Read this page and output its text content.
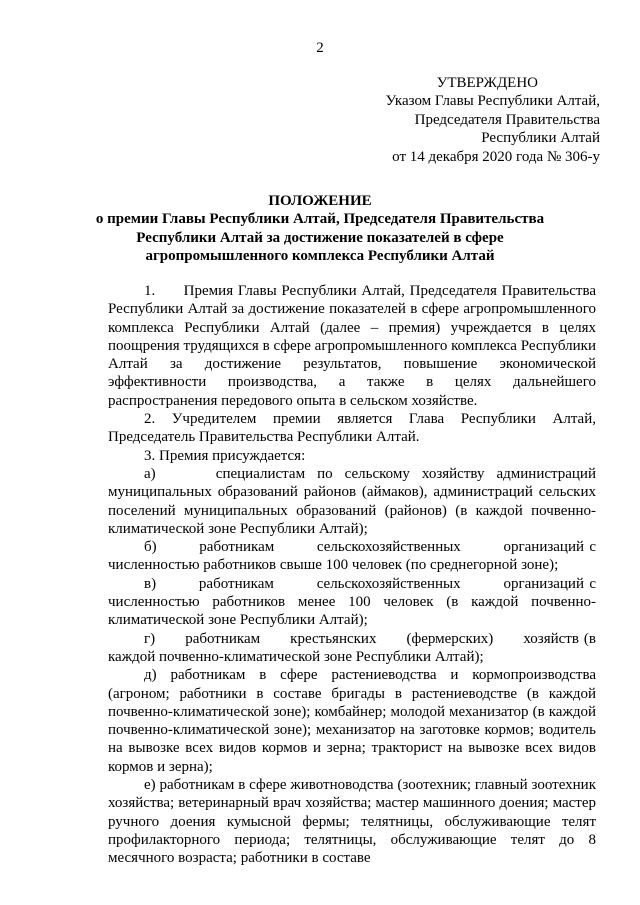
2
УТВЕРЖДЕНО
Указом Главы Республики Алтай,
Председателя Правительства
Республики Алтай
от 14 декабря 2020 года № 306-у
ПОЛОЖЕНИЕ
о премии Главы Республики Алтай, Председателя Правительства
Республики Алтай за достижение показателей в сфере
агропромышленного комплекса Республики Алтай

1.      Премия Главы Республики Алтай, Председателя Правительства Республики Алтай за достижение показателей в сфере агропромышленного комплекса Республики Алтай (далее – премия) учреждается в целях поощрения трудящихся в сфере агропромышленного комплекса Республики Алтай за достижение результатов, повышение экономической эффективности производства, а также в целях дальнейшего распространения передового опыта в сельском хозяйстве.

2. Учредителем премии является Глава Республики Алтай, Председатель Правительства Республики Алтай.

3. Премия присуждается:

а)     специалистам по сельскому хозяйству администраций муниципальных образований районов (аймаков), администраций сельских поселений муниципальных образований (районов) (в каждой почвенно-климатической зоне Республики Алтай);

б)        работникам        сельскохозяйственных        организаций с численностью работников свыше 100 человек (по среднегорной зоне);

в)        работникам        сельскохозяйственных        организаций с численностью работников менее 100 человек (в каждой почвенно-климатической зоне Республики Алтай);

г)      работникам      крестьянских      (фермерских)      хозяйств (в каждой почвенно-климатической зоне Республики Алтай);

д) работникам в сфере растениеводства и кормопроизводства (агроном; работники в составе бригады в растениеводстве (в каждой почвенно-климатической зоне); комбайнер; молодой механизатор (в каждой почвенно-климатической зоне); механизатор на заготовке кормов; водитель на вывозке всех видов кормов и зерна; тракторист на вывозке всех видов кормов и зерна);

е) работникам в сфере животноводства (зоотехник; главный зоотехник хозяйства; ветеринарный врач хозяйства; мастер машинного доения; мастер ручного доения кумысной фермы; телятницы, обслуживающие телят профилакторного периода; телятницы, обслуживающие телят до 8 месячного возраста; работники в составе
